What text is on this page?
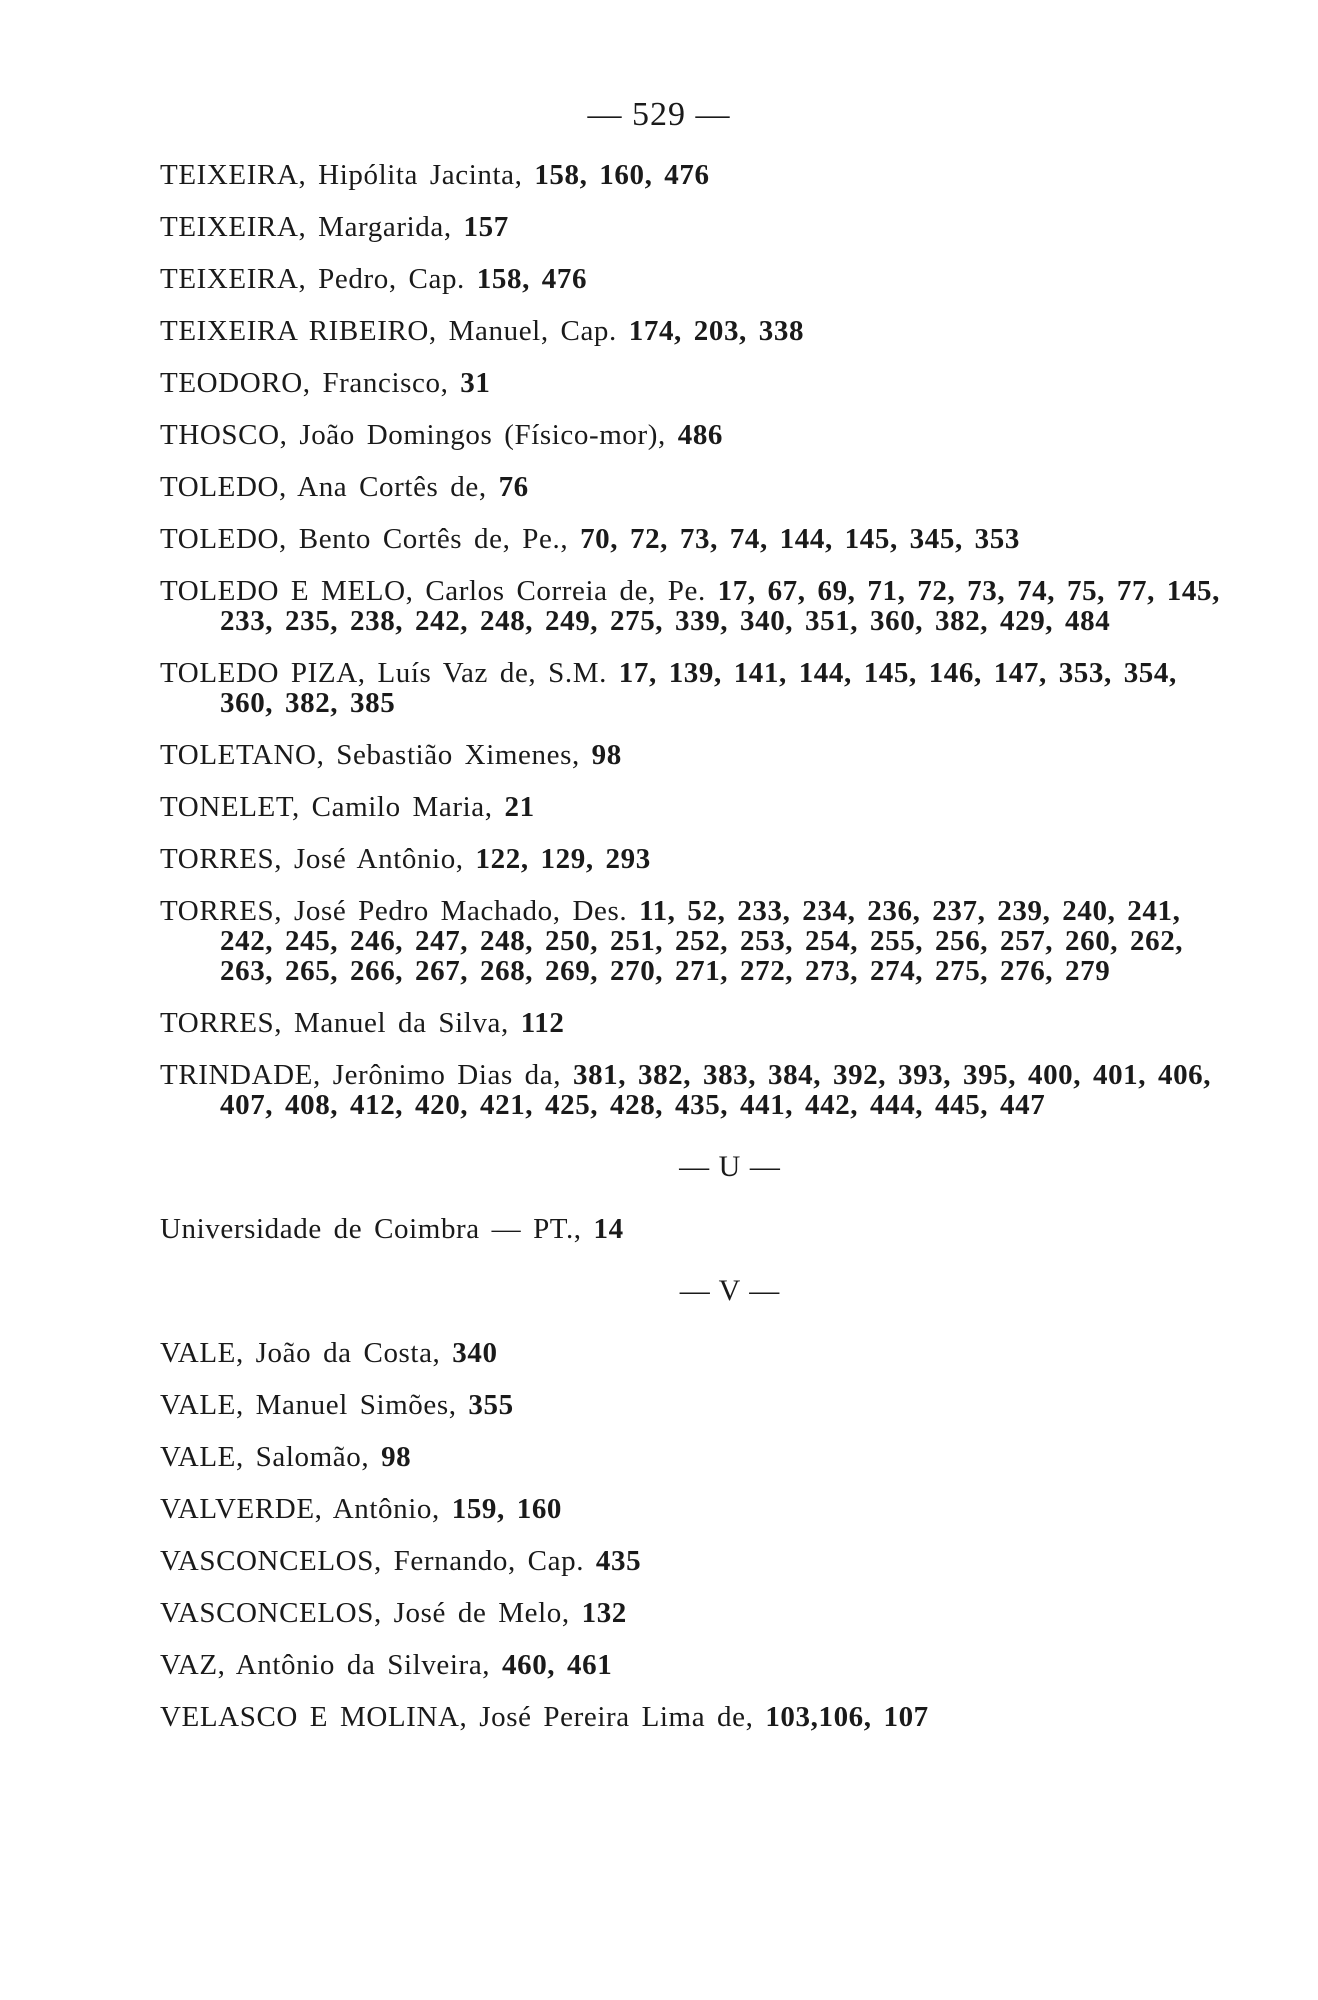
— 529 —
TEIXEIRA, Hipólita Jacinta, 158, 160, 476
TEIXEIRA, Margarida, 157
TEIXEIRA, Pedro, Cap. 158, 476
TEIXEIRA RIBEIRO, Manuel, Cap. 174, 203, 338
TEODORO, Francisco, 31
THOSCO, João Domingos (Físico-mor), 486
TOLEDO, Ana Cortês de, 76
TOLEDO, Bento Cortês de, Pe., 70, 72, 73, 74, 144, 145, 345, 353
TOLEDO E MELO, Carlos Correia de, Pe. 17, 67, 69, 71, 72, 73, 74, 75, 77, 145, 233, 235, 238, 242, 248, 249, 275, 339, 340, 351, 360, 382, 429, 484
TOLEDO PIZA, Luís Vaz de, S.M. 17, 139, 141, 144, 145, 146, 147, 353, 354, 360, 382, 385
TOLETANO, Sebastião Ximenes, 98
TONELET, Camilo Maria, 21
TORRES, José Antônio, 122, 129, 293
TORRES, José Pedro Machado, Des. 11, 52, 233, 234, 236, 237, 239, 240, 241, 242, 245, 246, 247, 248, 250, 251, 252, 253, 254, 255, 256, 257, 260, 262, 263, 265, 266, 267, 268, 269, 270, 271, 272, 273, 274, 275, 276, 279
TORRES, Manuel da Silva, 112
TRINDADE, Jerônimo Dias da, 381, 382, 383, 384, 392, 393, 395, 400, 401, 406, 407, 408, 412, 420, 421, 425, 428, 435, 441, 442, 444, 445, 447
— U —
Universidade de Coimbra — PT., 14
— V —
VALE, João da Costa, 340
VALE, Manuel Simões, 355
VALE, Salomão, 98
VALVERDE, Antônio, 159, 160
VASCONCELOS, Fernando, Cap. 435
VASCONCELOS, José de Melo, 132
VAZ, Antônio da Silveira, 460, 461
VELASCO E MOLINA, José Pereira Lima de, 103,106, 107
